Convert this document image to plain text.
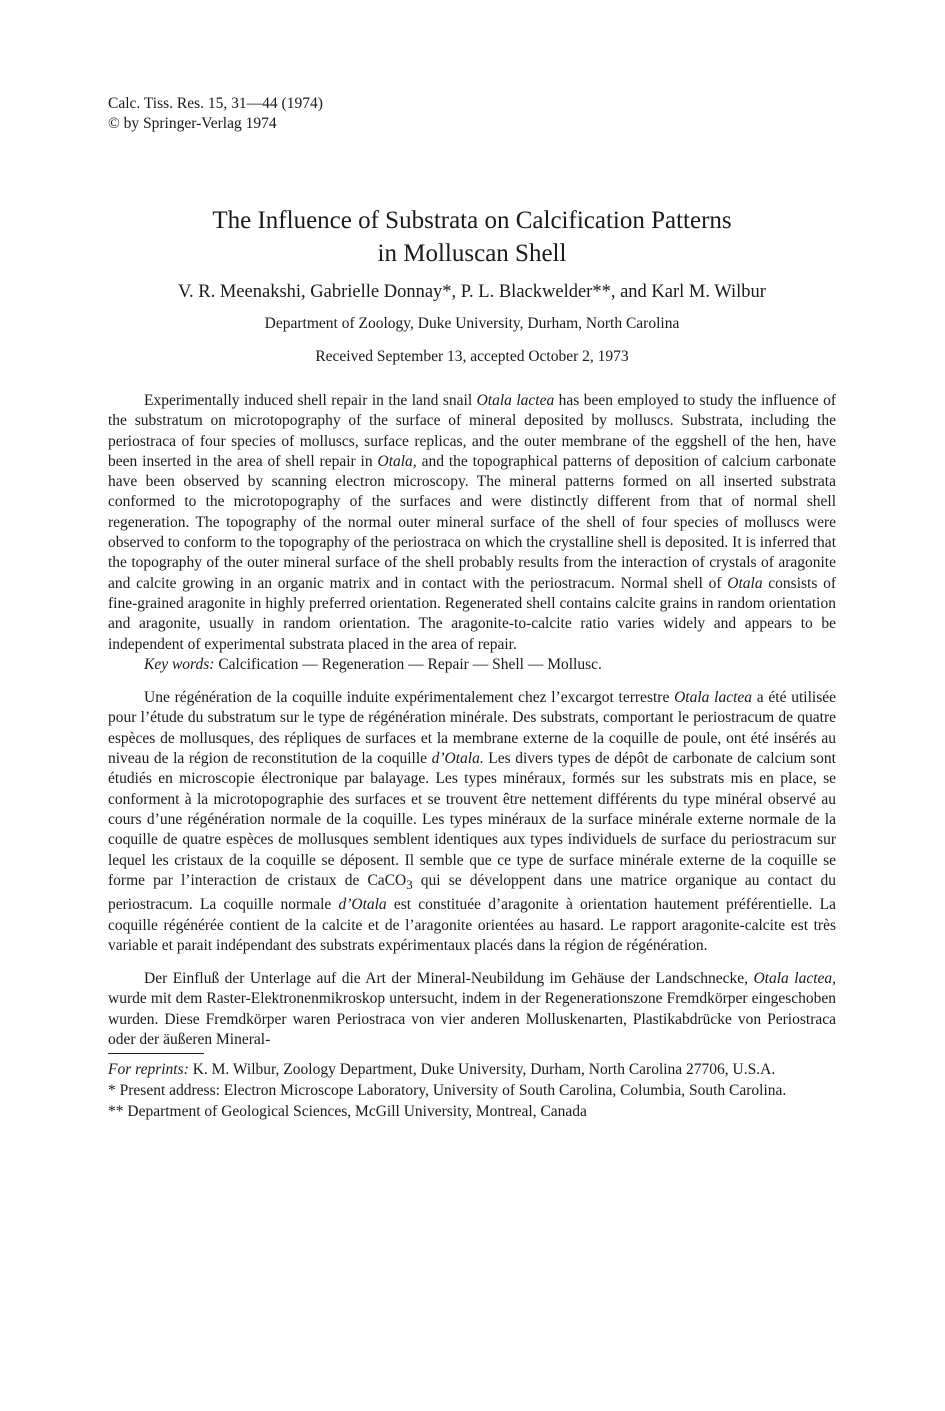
Calc. Tiss. Res. 15, 31—44 (1974)

© by Springer-Verlag 1974

The Influence of Substrata on Calcification Patterns
in Molluscan Shell

V. R. Meenakshi, Gabrielle Donnay*, P. L. Blackwelder**, and Karl M. Wilbur

Department of Zoology, Duke University, Durham, North Carolina

Received September 13, accepted October 2, 1973

Experimentally induced shell repair in the land snail Otala lactea has been employed to study the influence of the substratum on microtopography of the surface of mineral deposited by molluscs. Substrata, including the periostraca of four species of molluscs, surface replicas, and the outer membrane of the eggshell of the hen, have been inserted in the area of shell repair in Otala, and the topographical patterns of deposition of calcium carbonate have been observed by scanning electron microscopy. The mineral patterns formed on all inserted substrata conformed to the microtopography of the surfaces and were distinctly different from that of normal shell regeneration. The topography of the normal outer mineral surface of the shell of four species of molluscs were observed to conform to the topography of the periostraca on which the crystalline shell is deposited. It is inferred that the topography of the outer mineral surface of the shell probably results from the interaction of crystals of aragonite and calcite growing in an organic matrix and in contact with the periostracum. Normal shell of Otala consists of fine-grained aragonite in highly preferred orientation. Regenerated shell contains calcite grains in random orientation and aragonite, usually in random orientation. The aragonite-to-calcite ratio varies widely and appears to be independent of experimental substrata placed in the area of repair.

Key words: Calcification — Regeneration — Repair — Shell — Mollusc.

Une régénération de la coquille induite expérimentalement chez l’excargot terrestre Otala lactea a été utilisée pour l’étude du substratum sur le type de régénération minérale. Des substrats, comportant le periostracum de quatre espèces de mollusques, des répliques de surfaces et la membrane externe de la coquille de poule, ont été insérés au niveau de la région de reconstitution de la coquille d’Otala. Les divers types de dépôt de carbonate de calcium sont étudiés en microscopie électronique par balayage. Les types minéraux, formés sur les substrats mis en place, se conforment à la microtopographie des surfaces et se trouvent être nettement différents du type minéral observé au cours d’une régénération normale de la coquille. Les types minéraux de la surface minérale externe normale de la coquille de quatre espèces de mollusques semblent identiques aux types individuels de surface du periostracum sur lequel les cristaux de la coquille se déposent. Il semble que ce type de surface minérale externe de la coquille se forme par l’interaction de cristaux de CaCO$_3$ qui se développent dans une matrice organique au contact du periostracum. La coquille normale d’Otala est constituée d’aragonite à orientation hautement préférentielle. La coquille régénérée contient de la calcite et de l’aragonite orientées au hasard. Le rapport aragonite-calcite est très variable et parait indépendant des substrats expérimentaux placés dans la région de régénération.

Der Einfluß der Unterlage auf die Art der Mineral-Neubildung im Gehäuse der Landschnecke, Otala lactea, wurde mit dem Raster-Elektronenmikroskop untersucht, indem in der Regenerationszone Fremdkörper eingeschoben wurden. Diese Fremdkörper waren Periostraca von vier anderen Molluskenarten, Plastikabdrücke von Periostraca oder der äußeren Mineral-

For reprints: K. M. Wilbur, Zoology Department, Duke University, Durham, North Carolina 27706, U.S.A.

* Present address: Electron Microscope Laboratory, University of South Carolina, Columbia, South Carolina.

** Department of Geological Sciences, McGill University, Montreal, Canada
